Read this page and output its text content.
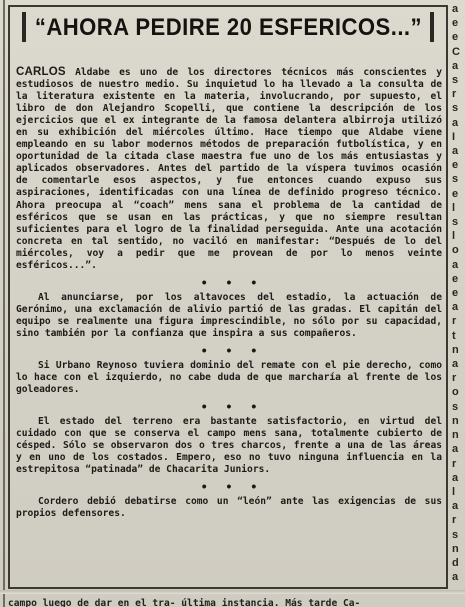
“AHORA PEDIRE 20 ESFERICOS...”

CARLOS Aldabe es uno de los directores técnicos más conscientes y estudiosos de nuestro medio. Su inquietud lo ha llevado a la consulta de la literatura existente en la materia, involucrando, por supuesto, el libro de don Alejandro Scopelli, que contiene la descripción de los ejercicios que el ex integrante de la famosa delantera albirroja utilizó en su exhibición del miércoles último. Hace tiempo que Aldabe viene empleando en su labor modernos métodos de preparación futbolística, y en oportunidad de la citada clase maestra fue uno de los más entusiastas y aplicados observadores. Antes del partido de la víspera tuvimos ocasión de comentarle esos aspectos, y fue entonces cuando expuso sus aspiraciones, identificadas con una línea de definido progreso técnico. Ahora preocupa al “coach” mens sana el problema de la cantidad de esféricos que se usan en las prácticas, y que no siempre resultan suficientes para el logro de la finalidad perseguida. Ante una acotación concreta en tal sentido, no vaciló en manifestar: “Después de lo del miércoles, voy a pedir que me provean de por lo menos veinte esféricos...”.

• • •

Al anunciarse, por los altavoces del estadio, la actuación de Gerónimo, una exclamación de alivio partió de las gradas. El capitán del equipo se realmente una figura imprescindible, no sólo por su capacidad, sino también por la confianza que inspira a sus compañeros.

• • •

Si Urbano Reynoso tuviera dominio del remate con el pie derecho, como lo hace con el izquierdo, no cabe duda de que marcharía al frente de los goleadores.

• • •

El estado del terreno era bastante satisfactorio, en virtud del cuidado con que se conserva el campo mens sana, totalmente cubierto de césped. Sólo se observaron dos o tres charcos, frente a una de las áreas y en uno de los costados. Empero, eso no tuvo ninguna influencia en la estrepitosa “patinada” de Chacarita Juniors.

• • •

Cordero debió debatirse como un “león” ante las exigencias de sus propios defensores.

a
e
e
C
a
s
r
s
a
I
a
e
s
e
l
s
l
o
a
e
e
a
r
t
n
a
r
o
s
n
n
a
r
a
l
a
r
s
n
d
a
campo luego de dar en el tra- última instancia. Más tarde Ca-
